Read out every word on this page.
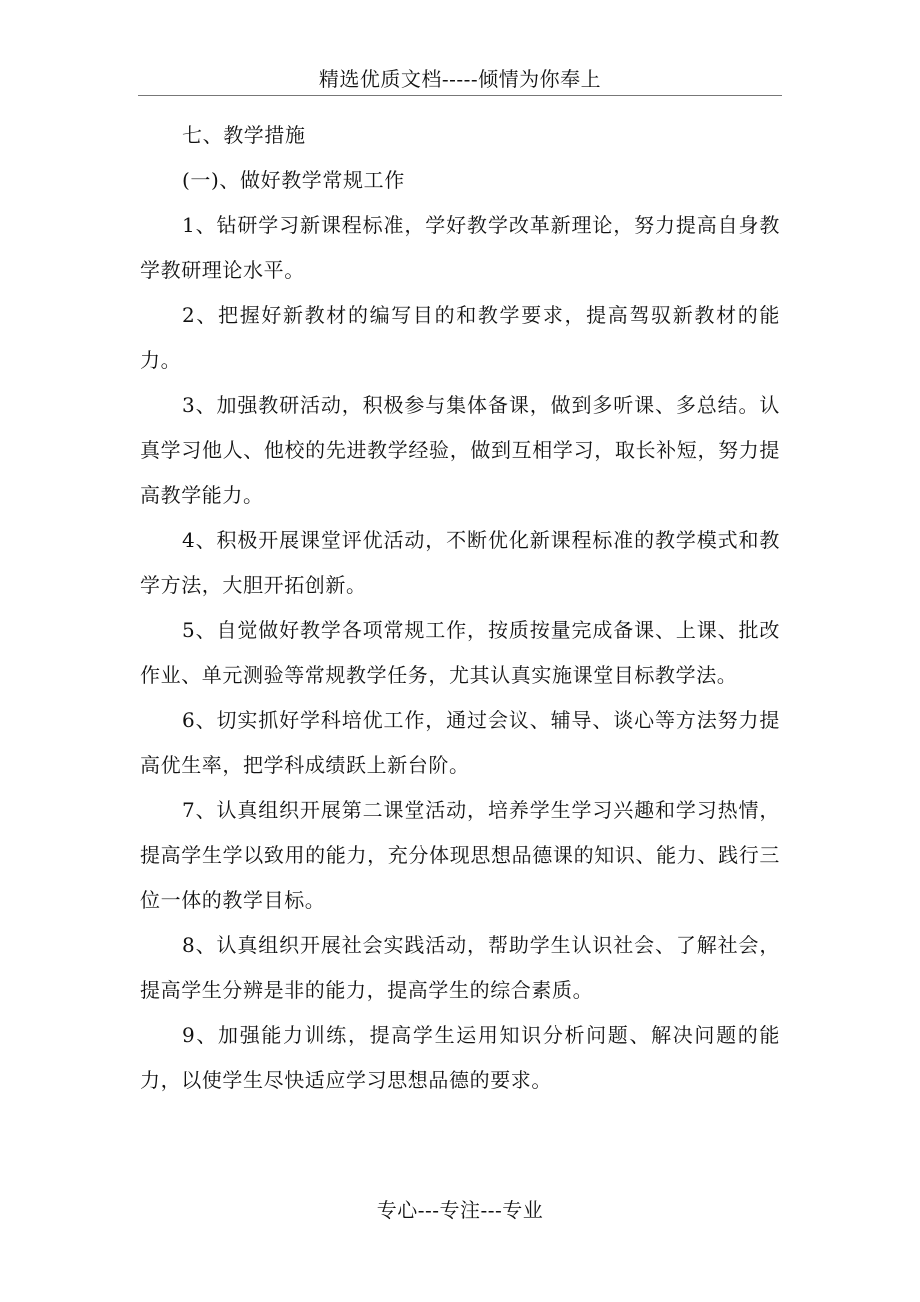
精选优质文档-----倾情为你奉上

七、教学措施

(一)、做好教学常规工作

1、钻研学习新课程标准，学好教学改革新理论，努力提高自身教学教研理论水平。

2、把握好新教材的编写目的和教学要求，提高驾驭新教材的能力。

3、加强教研活动，积极参与集体备课，做到多听课、多总结。认真学习他人、他校的先进教学经验，做到互相学习，取长补短，努力提高教学能力。

4、积极开展课堂评优活动，不断优化新课程标准的教学模式和教学方法，大胆开拓创新。

5、自觉做好教学各项常规工作，按质按量完成备课、上课、批改作业、单元测验等常规教学任务，尤其认真实施课堂目标教学法。

6、切实抓好学科培优工作，通过会议、辅导、谈心等方法努力提高优生率，把学科成绩跃上新台阶。

7、认真组织开展第二课堂活动，培养学生学习兴趣和学习热情，提高学生学以致用的能力，充分体现思想品德课的知识、能力、践行三位一体的教学目标。

8、认真组织开展社会实践活动，帮助学生认识社会、了解社会，提高学生分辨是非的能力，提高学生的综合素质。

9、加强能力训练，提高学生运用知识分析问题、解决问题的能力，以使学生尽快适应学习思想品德的要求。

专心---专注---专业
